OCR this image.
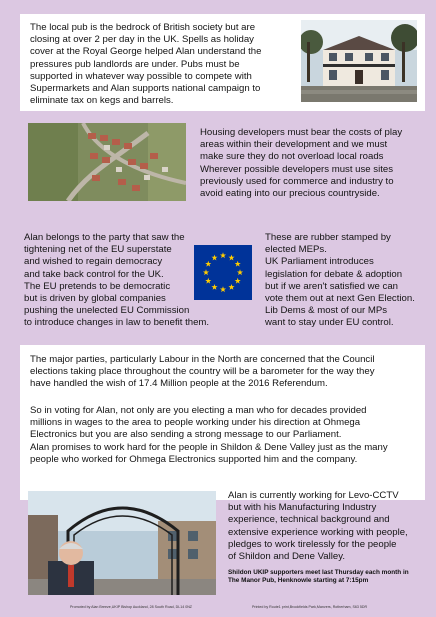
The local pub is the bedrock of British society but are
closing at over 2 per day in the UK. Spells as holiday
cover at the Royal George helped Alan understand the
pressures pub landlords are under. Pubs must be
supported in whatever way possible to compete with
Supermarkets and Alan supports national campaign to
eliminate tax on kegs and barrels.

Housing developers must bear the costs of play
areas within their development and we must
make sure they do not overload local roads
Wherever possible developers must use sites
previously used for commerce and industry to
avoid eating into our precious countryside.

Alan belongs to the party that saw the
tightening net of the EU superstate
and wished to regain democracy
and take back control for the UK.
The EU pretends to be democratic
but is driven by global companies
pushing the unelected EU Commission
to introduce changes in law to benefit them.

These are rubber stamped by
elected MEPs.
UK Parliament introduces
legislation for debate & adoption
but if we aren't satisfied we can
vote them out at next Gen Election.
Lib Dems & most of our MPs
want to stay under EU control.

The major parties, particularly Labour in the North are concerned that the Council
elections taking place throughout the country will be a barometer for the way they
have handled the wish of 17.4 Million people at the 2016 Referendum.

So in voting for Alan, not only are you electing a man who for decades provided
millions in wages to the area to people working under his direction at Ohmega
Electronics but you are also sending a strong message to our Parliament.
Alan promises to work hard for the people in Shildon & Dene Valley just as the many
people who worked for Ohmega Electronics supported him and the company.

Alan is currently working for Levo-CCTV
but with his Manufacturing Industry
experience, technical background and
extensive experience working with people,
pledges to work tirelessly for the people
of Shildon and Dene Valley.

Shildon UKIP supporters meet last Thursday each month in
The Manor Pub, Henknowle starting at 7:15pm
Promoted by Alan Breeze,UKIP Bishop Auckland, 28 South Road, DL14 0NZ	Printed by Route1 print,Brookfields Park,Manvers, Rotherham, S63 5DR
